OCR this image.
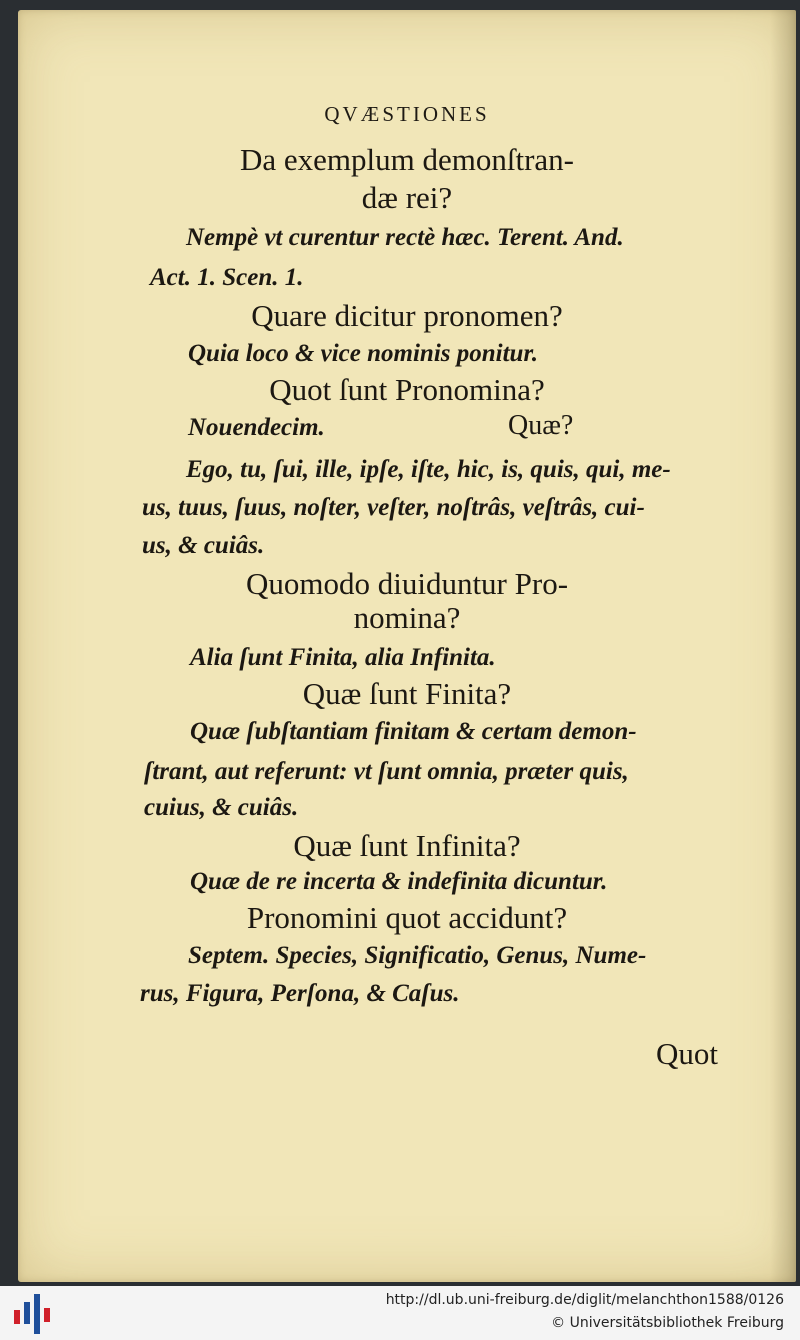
QVÆSTIONES
Da exemplum demonſtran-
dæ rei?
Nempè vt curentur rectè hæc. Terent. And.
Act. 1. Scen. 1.
Quare dicitur pronomen?
Quia loco & vice nominis ponitur.
Quot ſunt Pronomina?
Nouendecim.	Quæ?
Ego, tu, ſui, ille, ipſe, iſte, hic, is, quis, qui, me-
us, tuus, ſuus, noſter, veſter, noſtrâs, veſtrâs, cui-
us, & cuiâs.
Quomodo diuiduntur Pro-
nomina?
Alia ſunt Finita, alia Infinita.
Quæ ſunt Finita?
Quæ ſubſtantiam finitam & certam demon-
ſtrant, aut referunt: vt ſunt omnia, præter quis,
cuius, & cuiâs.
Quæ ſunt Infinita?
Quæ de re incerta & indefinita dicuntur.
Pronomini quot accidunt?
Septem. Species, Significatio, Genus, Nume-
rus, Figura, Perſona, & Caſus.
Quot
http://dl.ub.uni-freiburg.de/diglit/melanchthon1588/0126
© Universitätsbibliothek Freiburg
